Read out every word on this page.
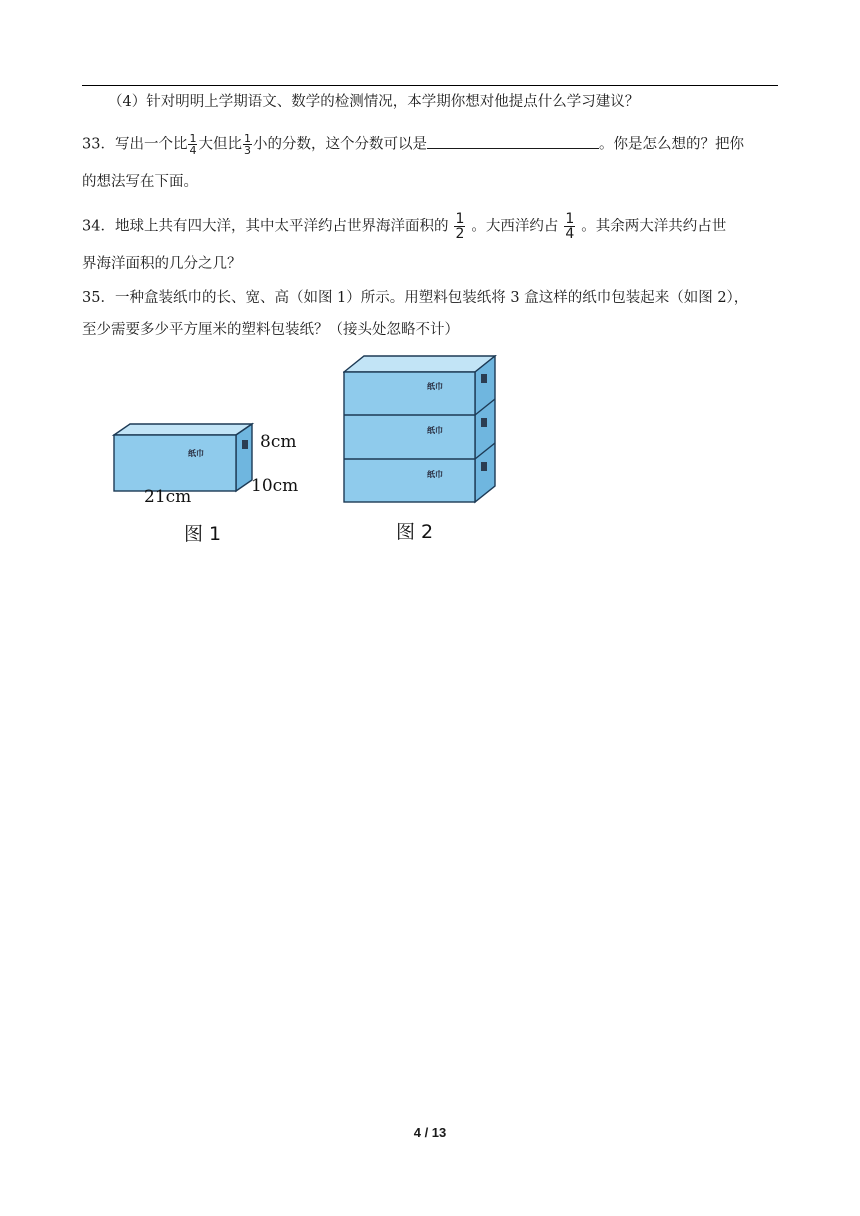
（4）针对明明上学期语文、数学的检测情况，本学期你想对他提点什么学习建议？
33．写出一个比 $\frac{1}{4}$ 大但比 $\frac{1}{3}$ 小的分数，这个分数可以是	。你是怎么想的？把你
的想法写在下面。
34．地球上共有四大洋，其中太平洋约占世界海洋面积的 $\frac{1}{2}$ 。大西洋约占 $\frac{1}{4}$ 。其余两大洋共约占世
界海洋面积的几分之几？
35．一种盒装纸巾的长、宽、高（如图 1）所示。用塑料包装纸将 3 盒这样的纸巾包装起来（如图 2），
至少需要多少平方厘米的塑料包装纸？（接头处忽略不计）
纸巾
8cm
10cm
21cm
图 1
纸巾
纸巾
纸巾
图 2
4 / 13
